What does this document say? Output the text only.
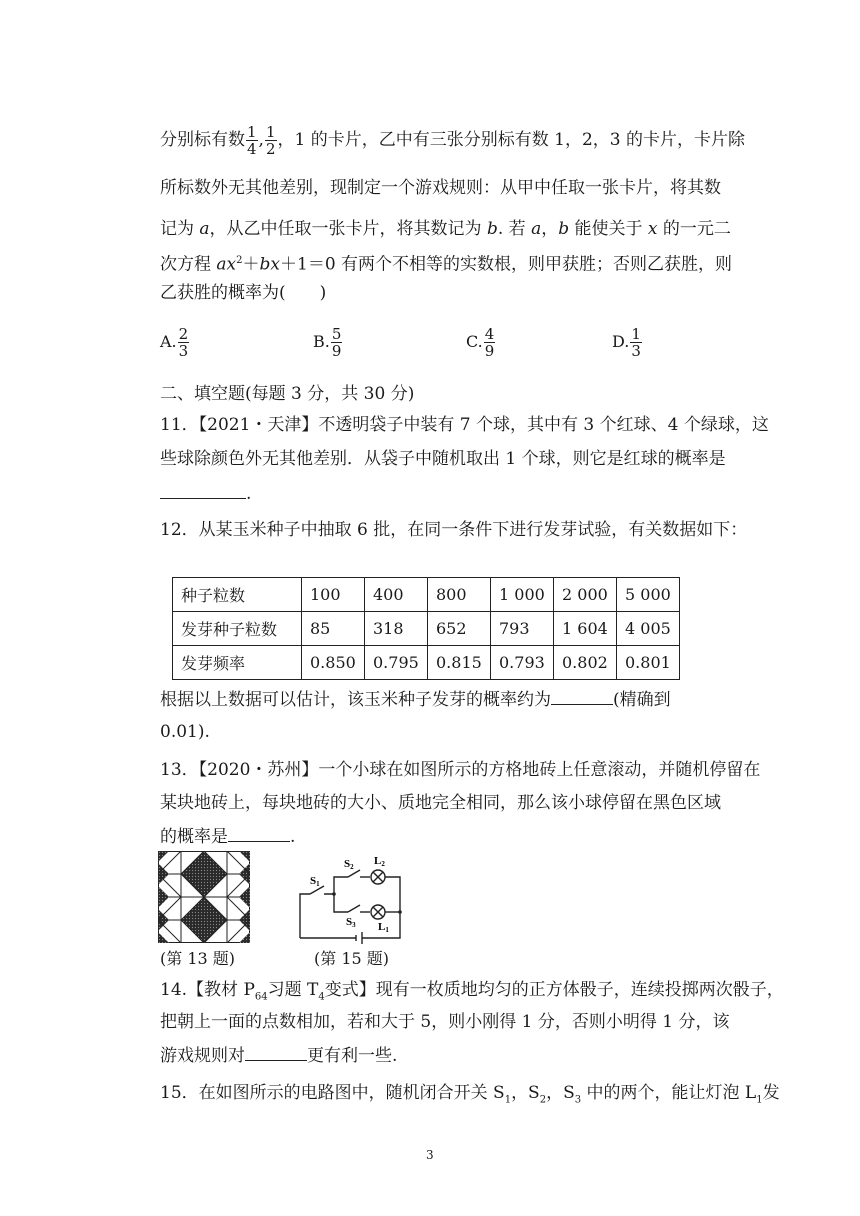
分别标有数 $\frac{1}{4}$ , $\frac{1}{2}$ ，1 的卡片，乙中有三张分别标有数 1，2，3 的卡片，卡片除
所标数外无其他差别，现制定一个游戏规则：从甲中任取一张卡片，将其数
记为 a，从乙中任取一张卡片，将其数记为 b. 若 a，b 能使关于 x 的一元二
次方程 $ax^2+bx+1=0$ 有两个不相等的实数根，则甲获胜；否则乙获胜，则
乙获胜的概率为(　　)
A. $\frac{2}{3}$	B. $\frac{5}{9}$	C. $\frac{4}{9}$	D. $\frac{1}{3}$
二、填空题(每题 3 分，共 30 分)
11．【2021・天津】不透明袋子中装有 7 个球，其中有 3 个红球、4 个绿球，这
些球除颜色外无其他差别．从袋子中随机取出 1 个球，则它是红球的概率是
.
12．从某玉米种子中抽取 6 批，在同一条件下进行发芽试验，有关数据如下：
种子粒数	100	400	800	1 000	2 000	5 000
发芽种子粒数	85	318	652	793	1 604	4 005
发芽频率	0.850	0.795	0.815	0.793	0.802	0.801
根据以上数据可以估计，该玉米种子发芽的概率约为	(精确到
0.01).
13．【2020・苏州】一个小球在如图所示的方格地砖上任意滚动，并随机停留在
某块地砖上，每块地砖的大小、质地完全相同，那么该小球停留在黑色区域
的概率是	.
(第 13 题)
S1
S2 L2
S3 L1
(第 15 题)
14.【教材 $P_{64}$习题 $T_4$变式】现有一枚质地均匀的正方体骰子，连续投掷两次骰子，
把朝上一面的点数相加，若和大于 5，则小刚得 1 分，否则小明得 1 分，该
游戏规则对	更有利一些.
15．在如图所示的电路图中，随机闭合开关 $S_1$，$S_2$，$S_3$ 中的两个，能让灯泡 $L_1$发
3
